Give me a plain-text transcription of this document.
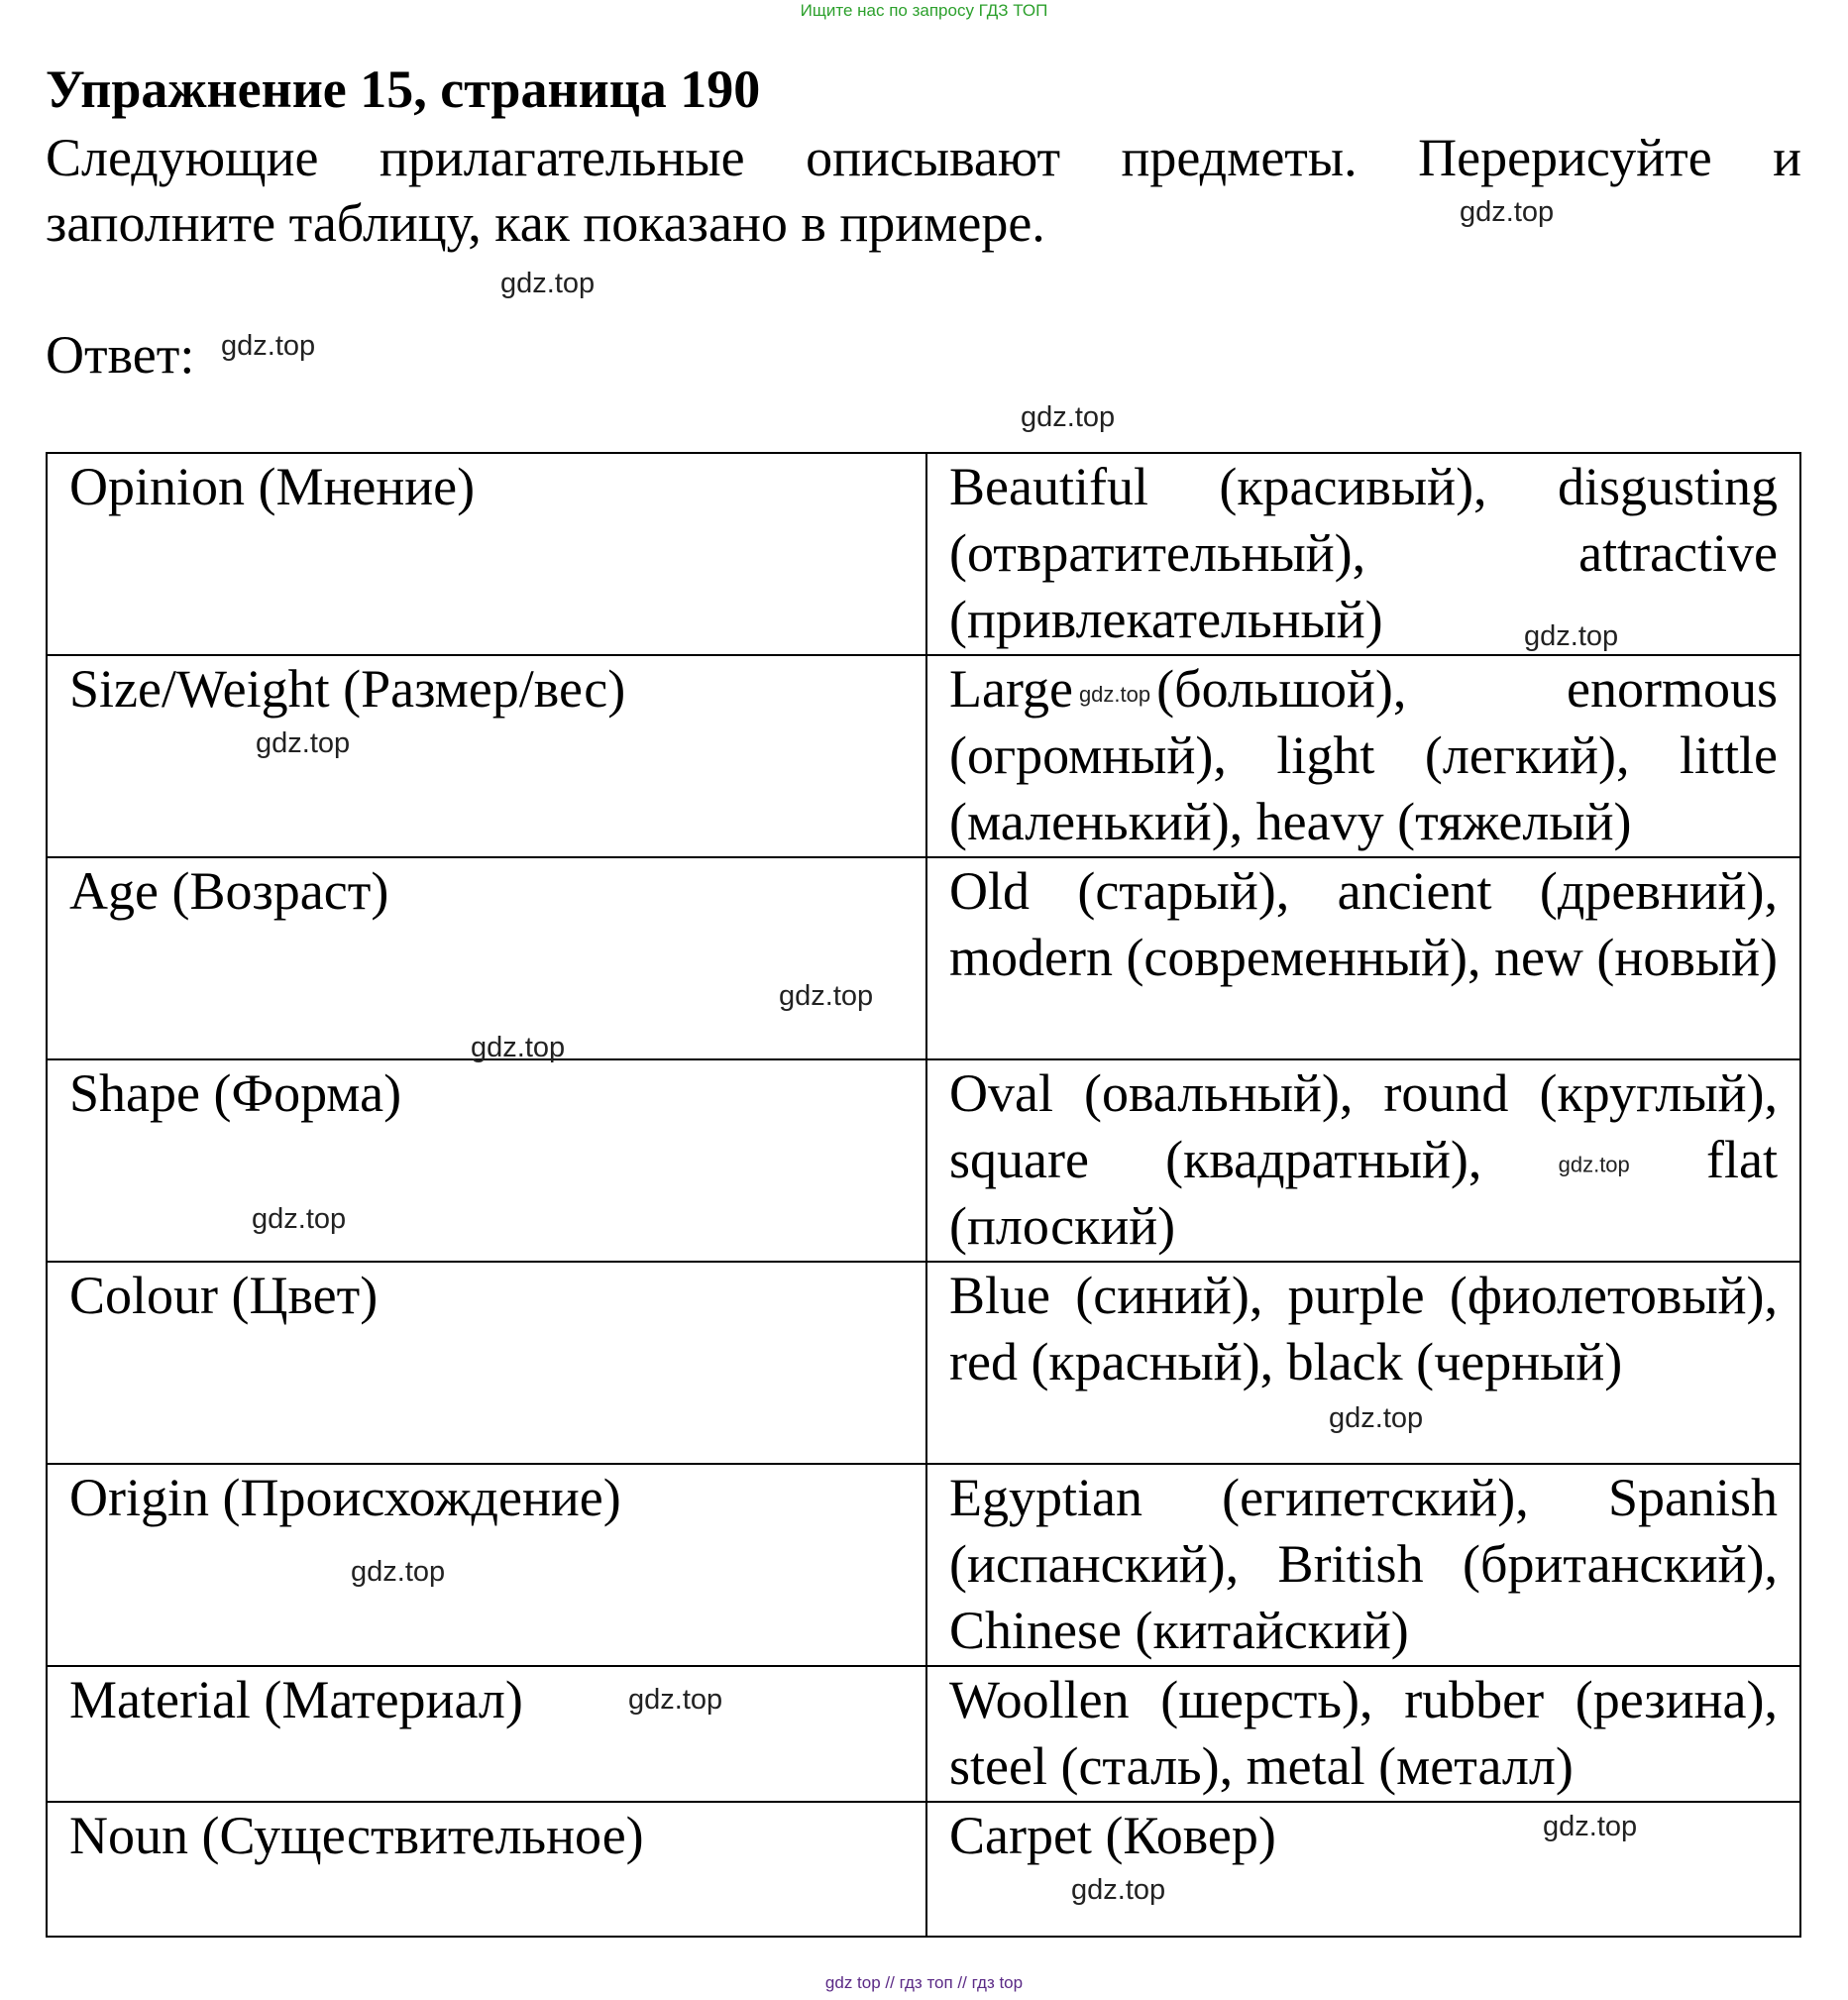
Ищите нас по запросу ГДЗ ТОП
Упражнение 15, страница 190

Следующие прилагательные описывают предметы. Перерисуйте и заполните таблицу, как показано в примере.

Ответ:

Opinion (Мнение)	Beautiful (красивый), disgusting (отвратительный), attractive (привлекательный)
Size/Weight (Размер/вес)	Large gdz.top (большой), enormous (огромный), light (легкий), little (маленький), heavy (тяжелый)
Age (Возраст)	Old (старый), ancient (древний), modern (современный), new (новый)
Shape (Форма)	Oval (овальный), round (круглый), square (квадратный), gdz.top flat (плоский)
Colour (Цвет)	Blue (синий), purple (фиолетовый), red (красный), black (черный)
Origin (Происхождение)	Egyptian (египетский), Spanish (испанский), British (британский), Chinese (китайский)
Material (Материал)	Woollen (шерсть), rubber (резина), steel (сталь), metal (металл)
Noun (Существительное)	Carpet (Ковер)
gdz.top
gdz.top
gdz.top
gdz.top
gdz.top
gdz.top
gdz.top
gdz.top
gdz.top
gdz.top
gdz.top
gdz.top
gdz.top
gdz.top
gdz top // гдз топ // гдз top
